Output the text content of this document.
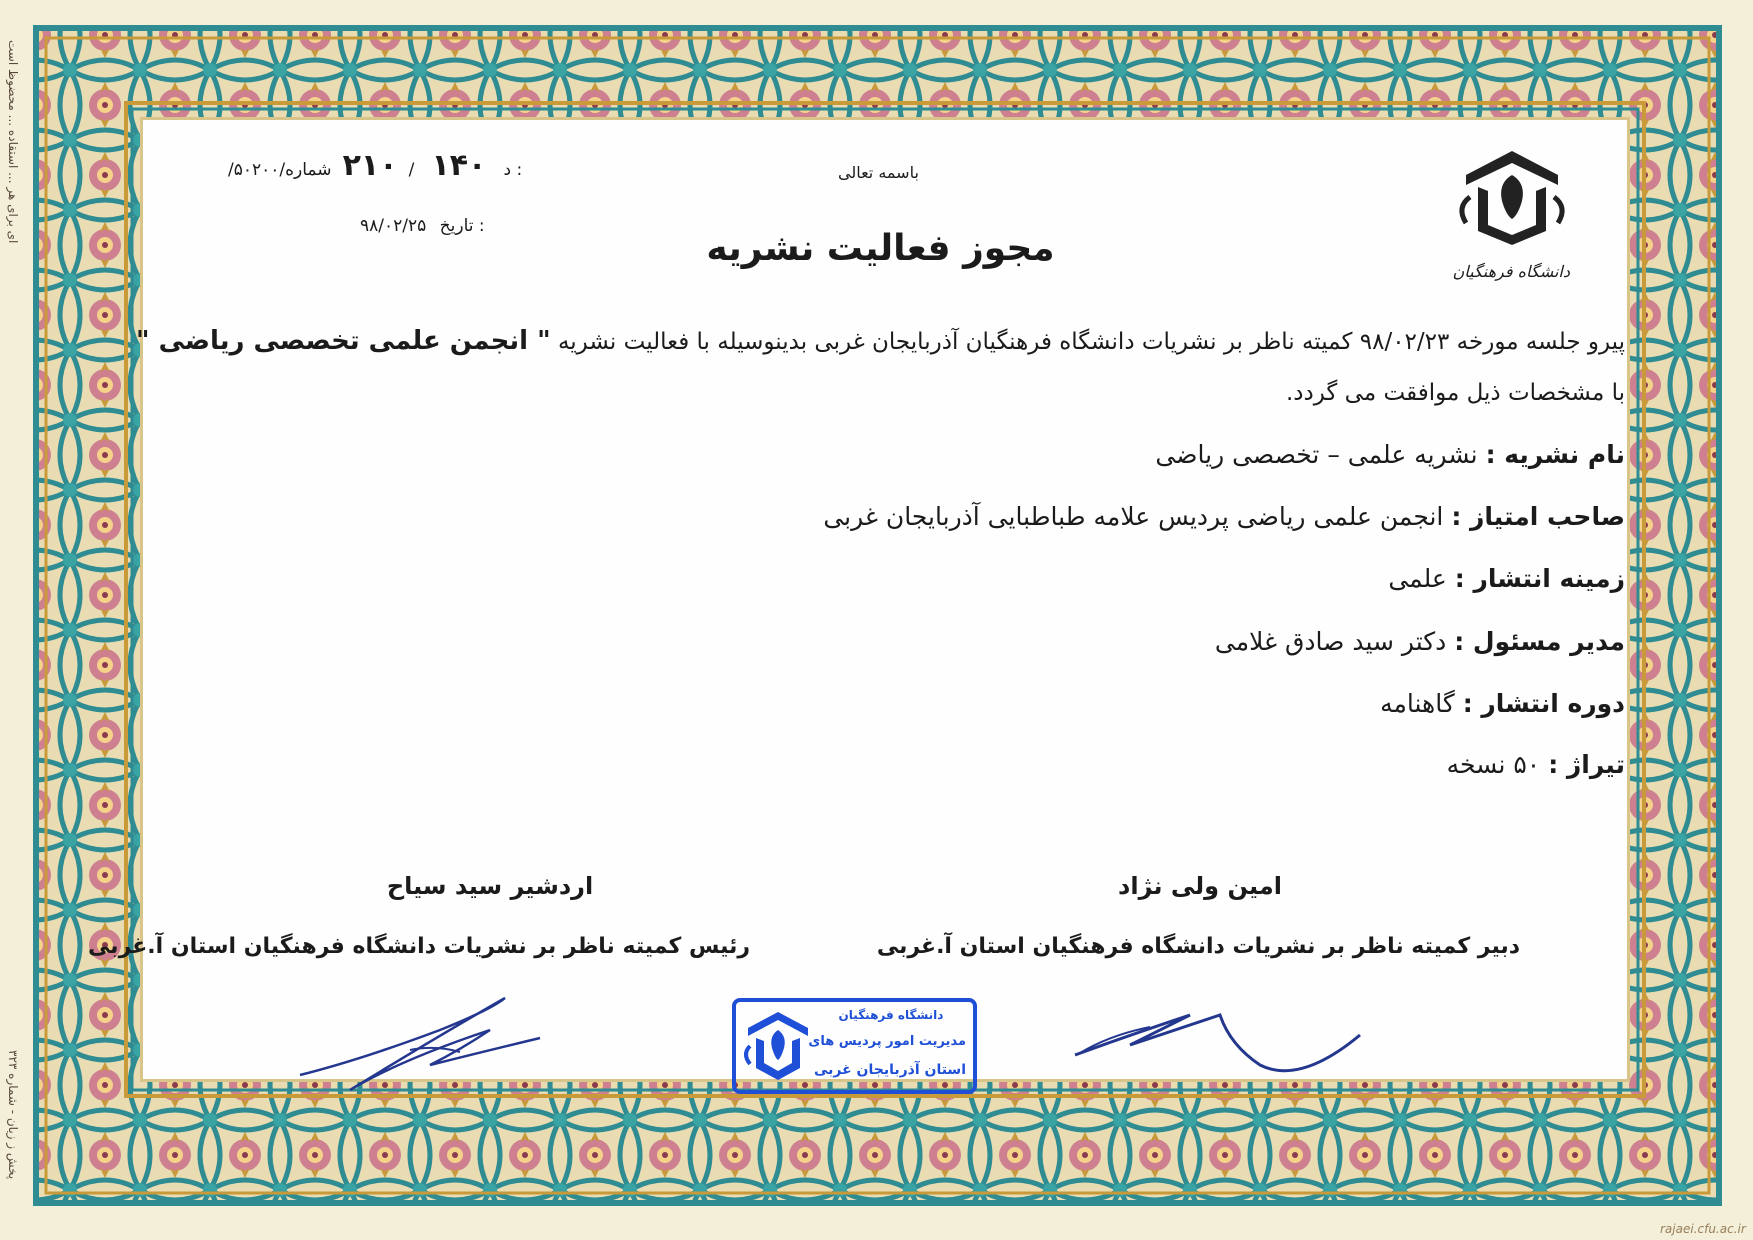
ای برای هر ... استقاده ... محضوظ است
پخش ز زیان - شماره ۳۲۳
rajaei.cfu.ac.ir
دانشگاه فرهنگیان
باسمه تعالی
/۵۰۲۰۰/د ۱۴۰ / ۲۱۰ شماره :
۹۸/۰۲/۲۵ تاریخ :
مجوز فعالیت نشریه
پیرو جلسه مورخه ۹۸/۰۲/۲۳ کمیته ناظر بر نشریات دانشگاه فرهنگیان آذربایجان غربی بدینوسیله با فعالیت نشریه " انجمن علمی تخصصی ریاضی "
با مشخصات ذیل موافقت می گردد.
نام نشریه : نشریه علمی – تخصصی ریاضی
صاحب امتیاز : انجمن علمی ریاضی پردیس علامه طباطبایی آذربایجان غربی
زمینه انتشار : علمی
مدیر مسئول : دکتر سید صادق غلامی
دوره انتشار : گاهنامه
تیراژ : ۵۰ نسخه
امین ولی نژاد
دبیر کمیته ناظر بر نشریات دانشگاه فرهنگیان استان آ.غربی
اردشیر سید سیاح
رئیس کمیته ناظر بر نشریات دانشگاه فرهنگیان استان آ.غربی
دانشگاه فرهنگیان
مدیریت امور پردیس های
استان آذربایجان غربی
